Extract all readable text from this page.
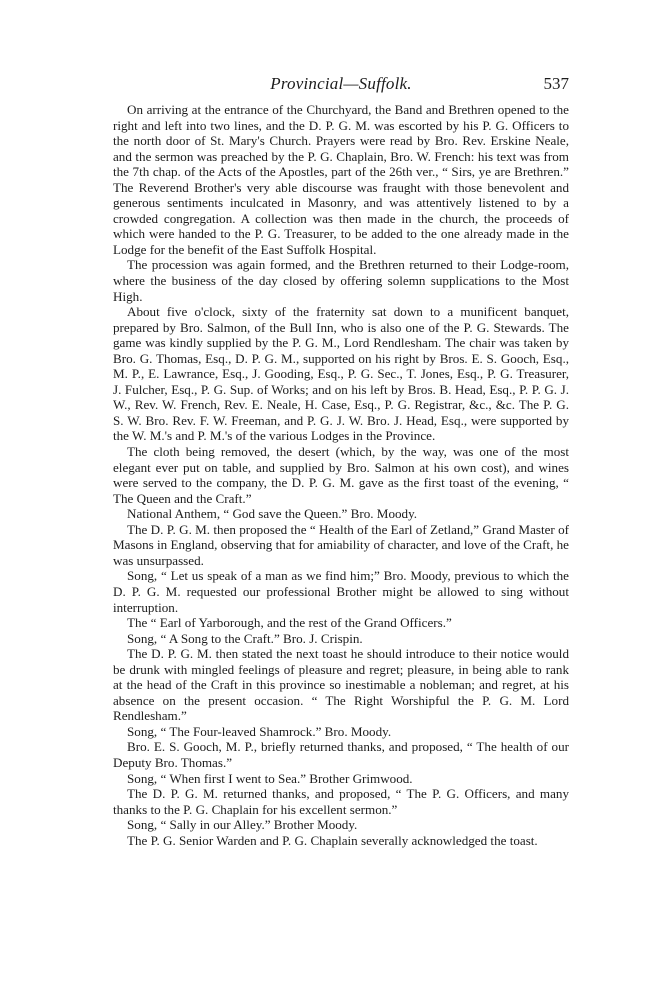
Provincial—Suffolk.	537

On arriving at the entrance of the Churchyard, the Band and Brethren opened to the right and left into two lines, and the D. P. G. M. was escorted by his P. G. Officers to the north door of St. Mary's Church. Prayers were read by Bro. Rev. Erskine Neale, and the sermon was preached by the P. G. Chaplain, Bro. W. French: his text was from the 7th chap. of the Acts of the Apostles, part of the 26th ver., “ Sirs, ye are Brethren.” The Reverend Brother's very able discourse was fraught with those benevolent and generous sentiments inculcated in Masonry, and was attentively listened to by a crowded congregation. A collection was then made in the church, the proceeds of which were handed to the P. G. Treasurer, to be added to the one already made in the Lodge for the benefit of the East Suffolk Hospital.

The procession was again formed, and the Brethren returned to their Lodge-room, where the business of the day closed by offering solemn supplications to the Most High.

About five o'clock, sixty of the fraternity sat down to a munificent banquet, prepared by Bro. Salmon, of the Bull Inn, who is also one of the P. G. Stewards. The game was kindly supplied by the P. G. M., Lord Rendlesham. The chair was taken by Bro. G. Thomas, Esq., D. P. G. M., supported on his right by Bros. E. S. Gooch, Esq., M. P., E. Lawrance, Esq., J. Gooding, Esq., P. G. Sec., T. Jones, Esq., P. G. Treasurer, J. Fulcher, Esq., P. G. Sup. of Works; and on his left by Bros. B. Head, Esq., P. P. G. J. W., Rev. W. French, Rev. E. Neale, H. Case, Esq., P. G. Registrar, &c., &c. The P. G. S. W. Bro. Rev. F. W. Freeman, and P. G. J. W. Bro. J. Head, Esq., were supported by the W. M.'s and P. M.'s of the various Lodges in the Province.

The cloth being removed, the desert (which, by the way, was one of the most elegant ever put on table, and supplied by Bro. Salmon at his own cost), and wines were served to the company, the D. P. G. M. gave as the first toast of the evening, “ The Queen and the Craft.”

National Anthem, “ God save the Queen.” Bro. Moody.

The D. P. G. M. then proposed the “ Health of the Earl of Zetland,” Grand Master of Masons in England, observing that for amiability of character, and love of the Craft, he was unsurpassed.

Song, “ Let us speak of a man as we find him;” Bro. Moody, previous to which the D. P. G. M. requested our professional Brother might be allowed to sing without interruption.

The “ Earl of Yarborough, and the rest of the Grand Officers.”

Song, “ A Song to the Craft.” Bro. J. Crispin.

The D. P. G. M. then stated the next toast he should introduce to their notice would be drunk with mingled feelings of pleasure and regret; pleasure, in being able to rank at the head of the Craft in this province so inestimable a nobleman; and regret, at his absence on the present occasion. “ The Right Worshipful the P. G. M. Lord Rendlesham.”

Song, “ The Four-leaved Shamrock.” Bro. Moody.

Bro. E. S. Gooch, M. P., briefly returned thanks, and proposed, “ The health of our Deputy Bro. Thomas.”

Song, “ When first I went to Sea.” Brother Grimwood.

The D. P. G. M. returned thanks, and proposed, “ The P. G. Officers, and many thanks to the P. G. Chaplain for his excellent sermon.”

Song, “ Sally in our Alley.” Brother Moody.

The P. G. Senior Warden and P. G. Chaplain severally acknowledged the toast.
